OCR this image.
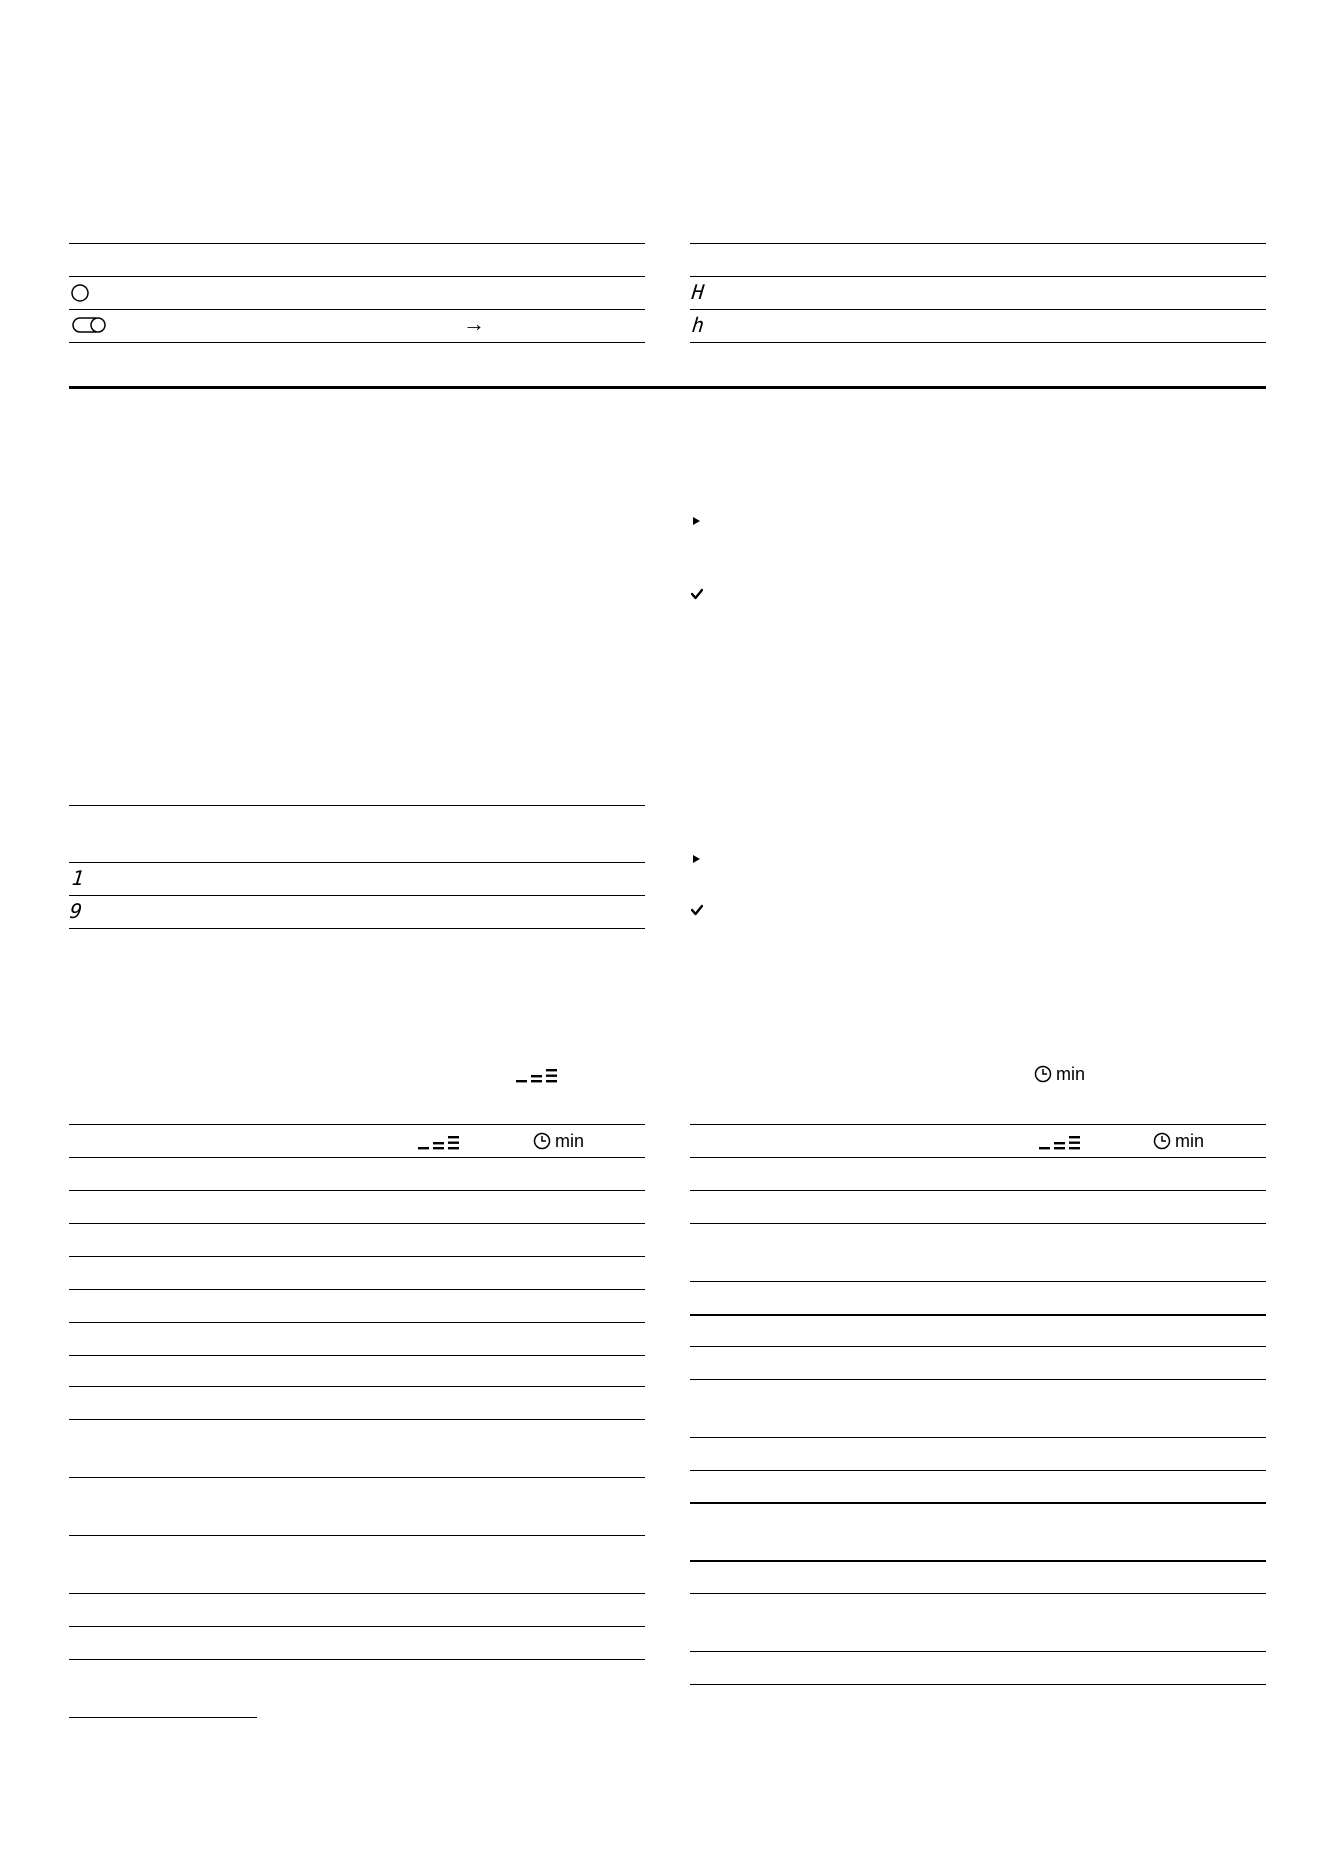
→
H
h
1
9
min
min	min
